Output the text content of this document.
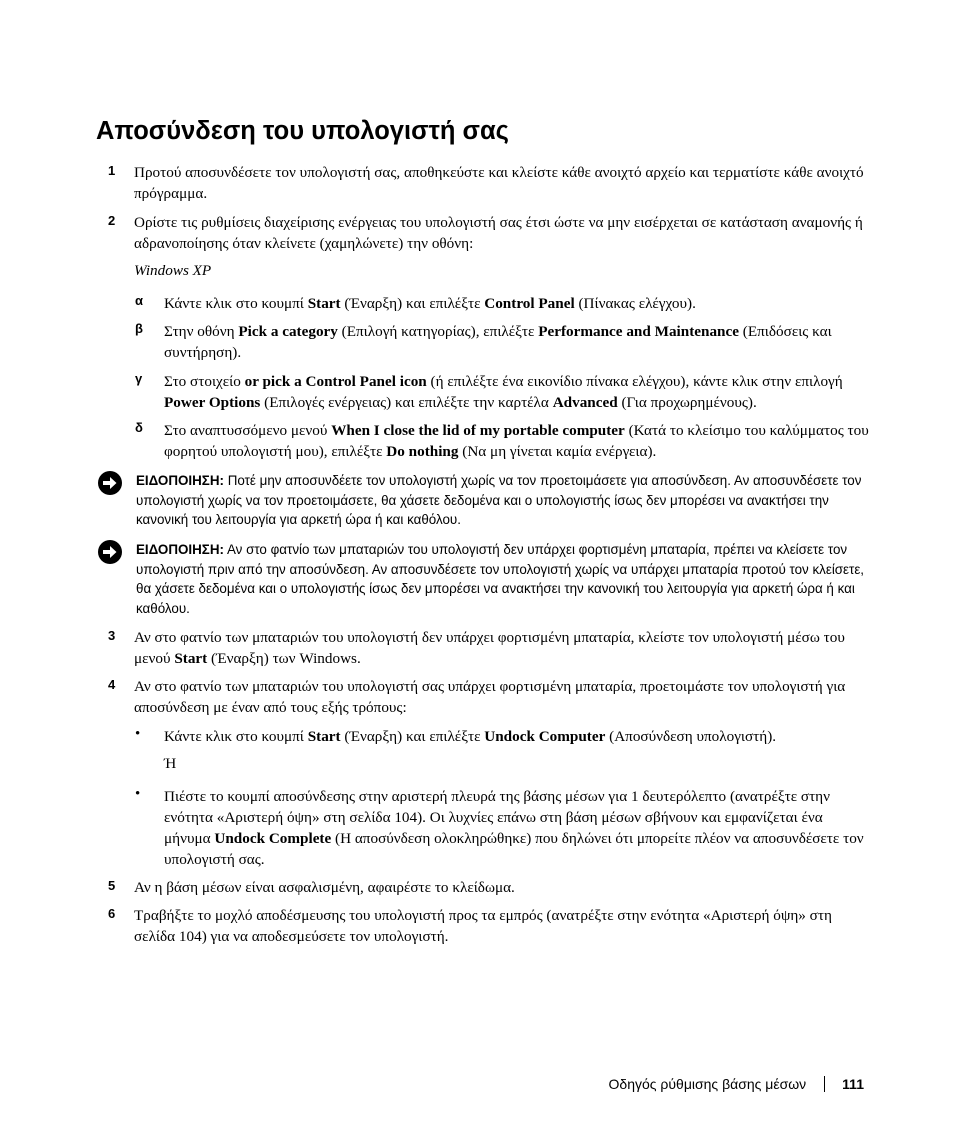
Αποσύνδεση του υπολογιστή σας
1 Προτού αποσυνδέσετε τον υπολογιστή σας, αποθηκεύστε και κλείστε κάθε ανοιχτό αρχείο και τερματίστε κάθε ανοιχτό πρόγραμμα.
2 Ορίστε τις ρυθμίσεις διαχείρισης ενέργειας του υπολογιστή σας έτσι ώστε να μην εισέρχεται σε κατάσταση αναμονής ή αδρανοποίησης όταν κλείνετε (χαμηλώνετε) την οθόνη:
Windows XP
α Κάντε κλικ στο κουμπί Start (Έναρξη) και επιλέξτε Control Panel (Πίνακας ελέγχου).
β Στην οθόνη Pick a category (Επιλογή κατηγορίας), επιλέξτε Performance and Maintenance (Επιδόσεις και συντήρηση).
γ Στο στοιχείο or pick a Control Panel icon (ή επιλέξτε ένα εικονίδιο πίνακα ελέγχου), κάντε κλικ στην επιλογή Power Options (Επιλογές ενέργειας) και επιλέξτε την καρτέλα Advanced (Για προχωρημένους).
δ Στο αναπτυσσόμενο μενού When I close the lid of my portable computer (Κατά το κλείσιμο του καλύμματος του φορητού υπολογιστή μου), επιλέξτε Do nothing (Να μη γίνεται καμία ενέργεια).
ΕΙΔΟΠΟΙΗΣΗ: Ποτέ μην αποσυνδέετε τον υπολογιστή χωρίς να τον προετοιμάσετε για αποσύνδεση. Αν αποσυνδέσετε τον υπολογιστή χωρίς να τον προετοιμάσετε, θα χάσετε δεδομένα και ο υπολογιστής ίσως δεν μπορέσει να ανακτήσει την κανονική του λειτουργία για αρκετή ώρα ή και καθόλου.
ΕΙΔΟΠΟΙΗΣΗ: Αν στο φατνίο των μπαταριών του υπολογιστή δεν υπάρχει φορτισμένη μπαταρία, πρέπει να κλείσετε τον υπολογιστή πριν από την αποσύνδεση. Αν αποσυνδέσετε τον υπολογιστή χωρίς να υπάρχει μπαταρία προτού τον κλείσετε, θα χάσετε δεδομένα και ο υπολογιστής ίσως δεν μπορέσει να ανακτήσει την κανονική του λειτουργία για αρκετή ώρα ή και καθόλου.
3 Αν στο φατνίο των μπαταριών του υπολογιστή δεν υπάρχει φορτισμένη μπαταρία, κλείστε τον υπολογιστή μέσω του μενού Start (Έναρξη) των Windows.
4 Αν στο φατνίο των μπαταριών του υπολογιστή σας υπάρχει φορτισμένη μπαταρία, προετοιμάστε τον υπολογιστή για αποσύνδεση με έναν από τους εξής τρόπους:
• Κάντε κλικ στο κουμπί Start (Έναρξη) και επιλέξτε Undock Computer (Αποσύνδεση υπολογιστή).
Ή
• Πιέστε το κουμπί αποσύνδεσης στην αριστερή πλευρά της βάσης μέσων για 1 δευτερόλεπτο (ανατρέξτε στην ενότητα «Αριστερή όψη» στη σελίδα 104). Οι λυχνίες επάνω στη βάση μέσων σβήνουν και εμφανίζεται ένα μήνυμα Undock Complete (Η αποσύνδεση ολοκληρώθηκε) που δηλώνει ότι μπορείτε πλέον να αποσυνδέσετε τον υπολογιστή σας.
5 Αν η βάση μέσων είναι ασφαλισμένη, αφαιρέστε το κλείδωμα.
6 Τραβήξτε το μοχλό αποδέσμευσης του υπολογιστή προς τα εμπρός (ανατρέξτε στην ενότητα «Αριστερή όψη» στη σελίδα 104) για να αποδεσμεύσετε τον υπολογιστή.
Οδηγός ρύθμισης βάσης μέσων	111
